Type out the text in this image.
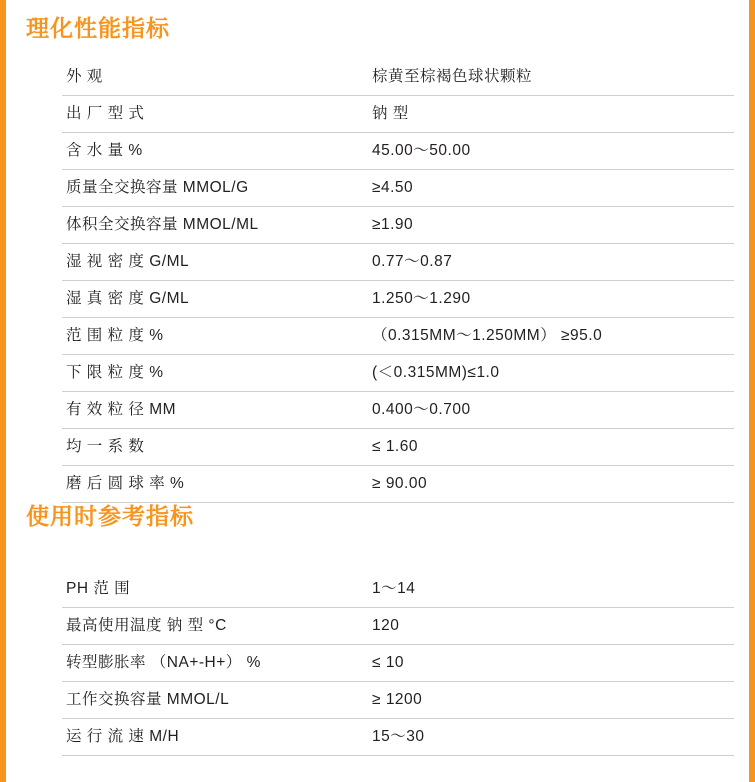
理化性能指标
外 观	棕黄至棕褐色球状颗粒
出 厂 型 式	钠 型
含 水 量 %	45.00～50.00
质量全交换容量 MMOL/G	≥4.50
体积全交换容量 MMOL/ML	≥1.90
湿 视 密 度 G/ML	0.77～0.87
湿 真 密 度 G/ML	1.250～1.290
范 围 粒 度 %	（0.315MM～1.250MM） ≥95.0
下 限 粒 度 %	(＜0.315MM)≤1.0
有 效 粒 径 MM	0.400～0.700
均 一 系 数	≤ 1.60
磨 后 圆 球 率 %	≥ 90.00
使用时参考指标
PH 范 围	1～14
最高使用温度 钠 型 °C	120
转型膨胀率 （NA+-H+） %	≤ 10
工作交换容量 MMOL/L	≥ 1200
运 行 流 速 M/H	15～30
